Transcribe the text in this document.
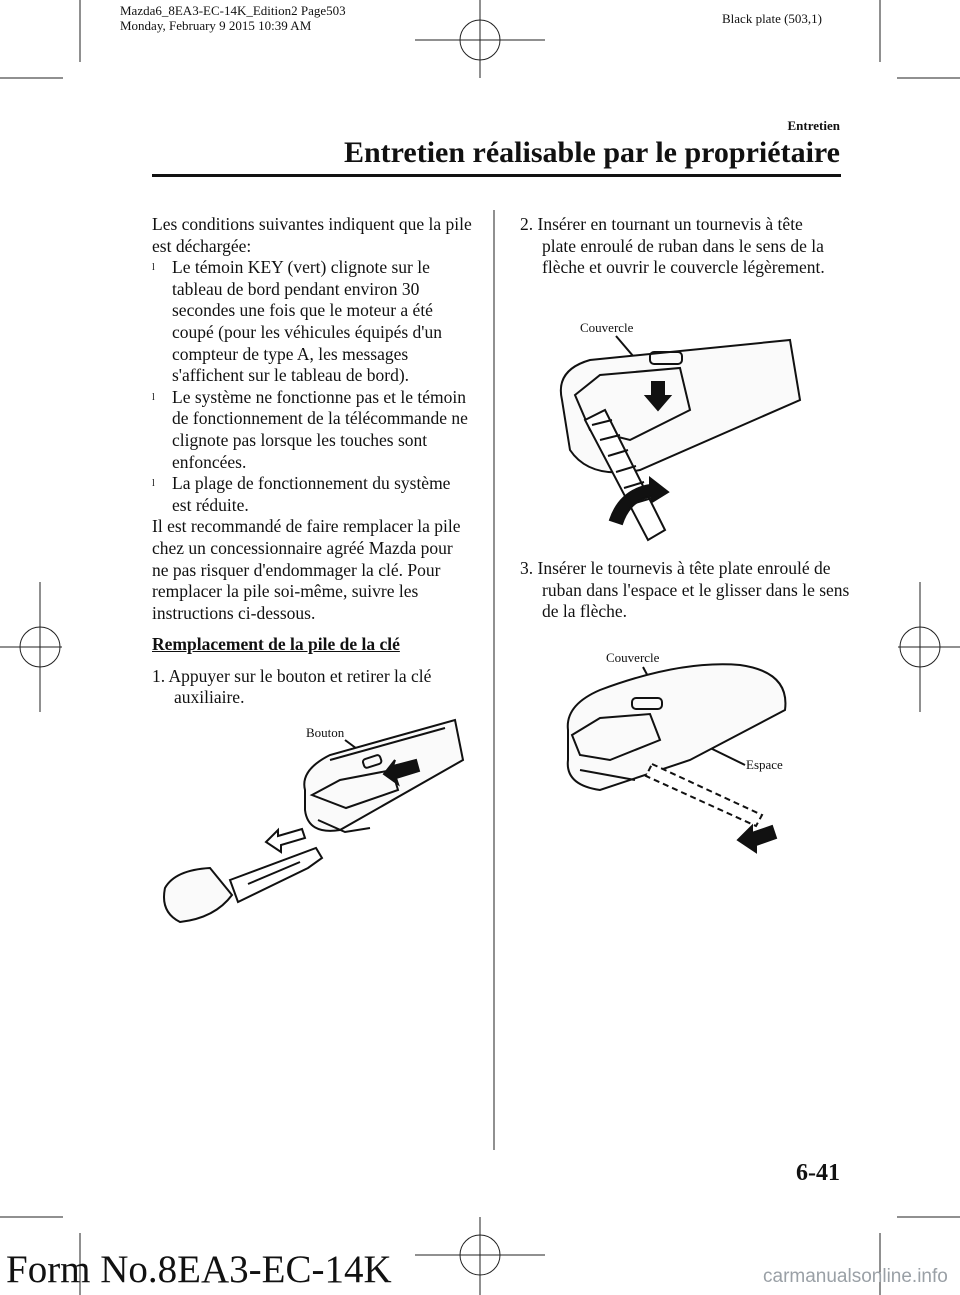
Mazda6_8EA3-EC-14K_Edition2 Page503
Monday, February 9 2015 10:39 AM	Black plate (503,1)
Entretien
Entretien réalisable par le propriétaire

Les conditions suivantes indiquent que la pile est déchargée:

l Le témoin KEY (vert) clignote sur le tableau de bord pendant environ 30 secondes une fois que le moteur a été coupé (pour les véhicules équipés d'un compteur de type A, les messages s'affichent sur le tableau de bord).

l Le système ne fonctionne pas et le témoin de fonctionnement de la télécommande ne clignote pas lorsque les touches sont enfoncées.

l La plage de fonctionnement du système est réduite.

Il est recommandé de faire remplacer la pile chez un concessionnaire agréé Mazda pour ne pas risquer d'endommager la clé. Pour remplacer la pile soi-même, suivre les instructions ci-dessous.

Remplacement de la pile de la clé

1. Appuyer sur le bouton et retirer la clé auxiliaire.

Bouton

2. Insérer en tournant un tournevis à tête plate enroulé de ruban dans le sens de la flèche et ouvrir le couvercle légèrement.

Couvercle

3. Insérer le tournevis à tête plate enroulé de ruban dans l'espace et le glisser dans le sens de la flèche.

Couvercle
Espace
6-41
Form No.8EA3-EC-14K	carmanualsonline.info
